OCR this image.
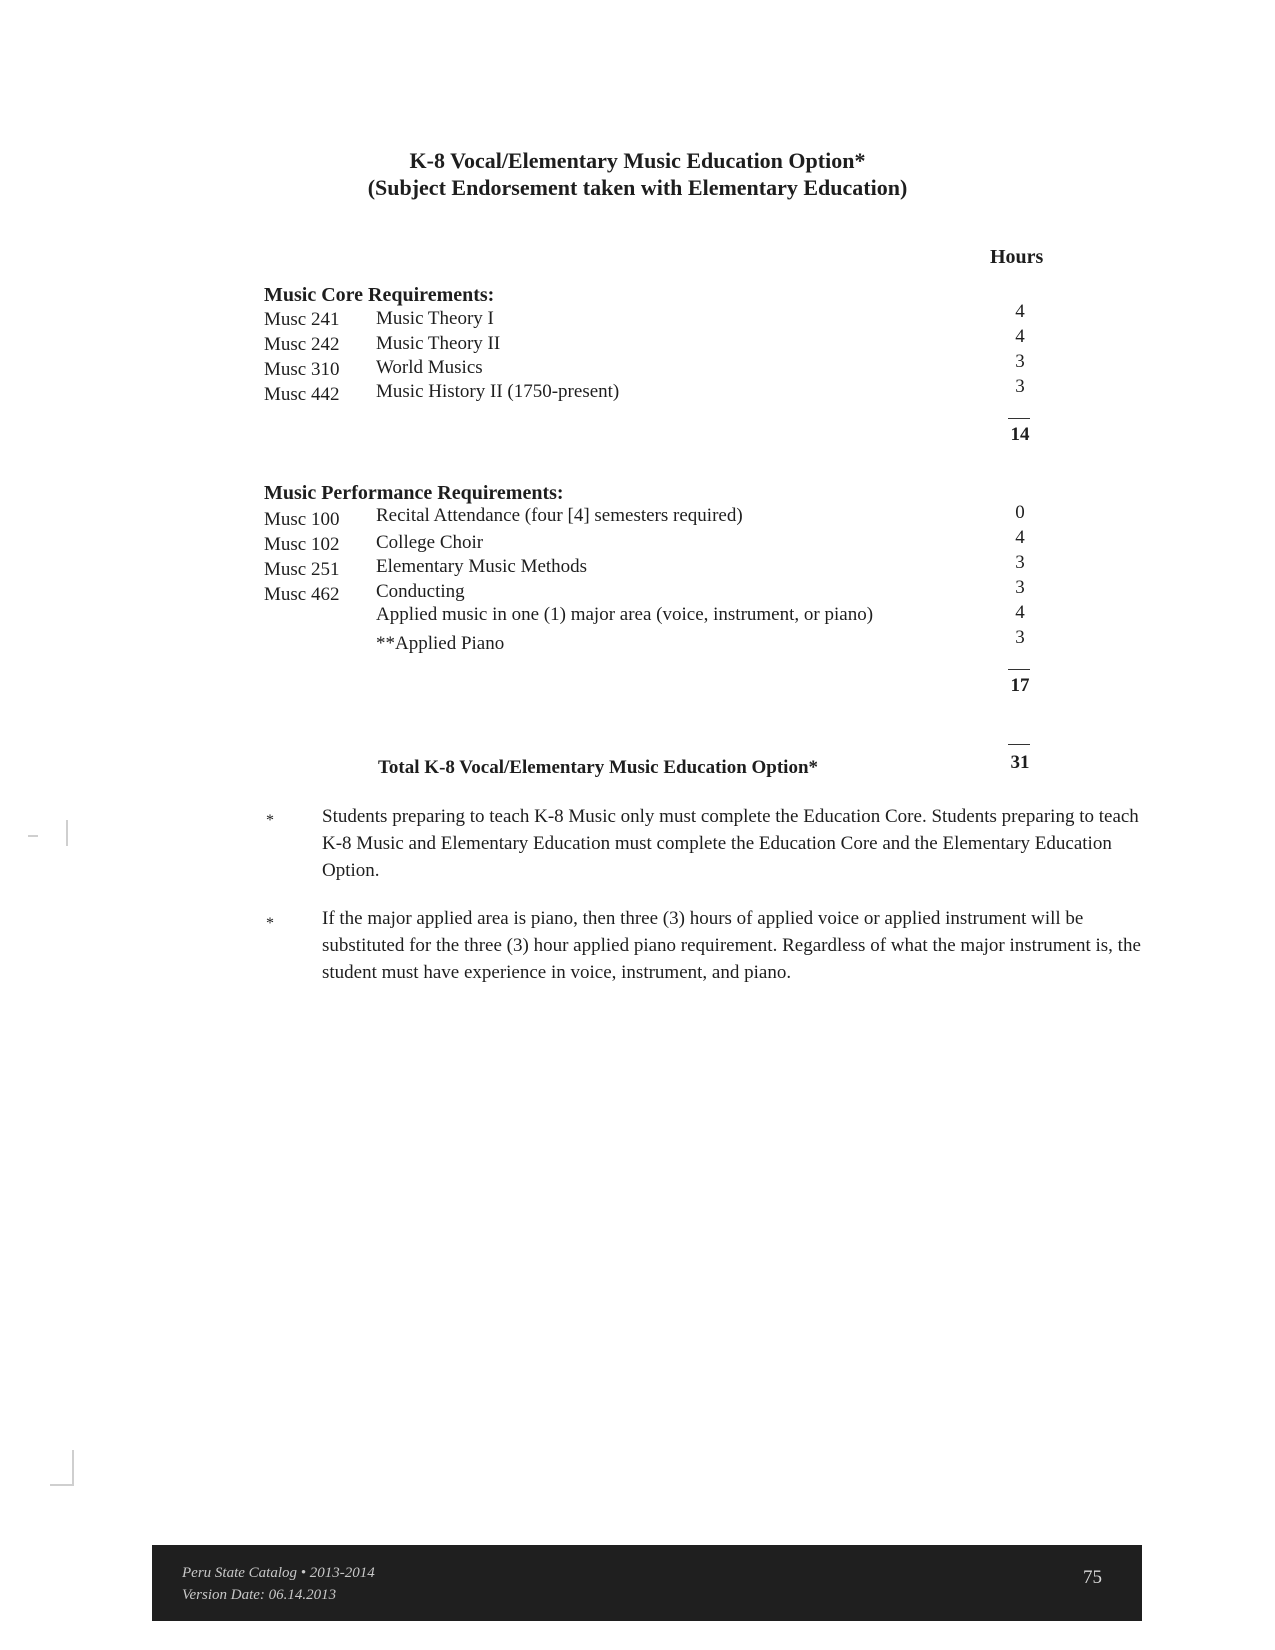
K-8 Vocal/Elementary Music Education Option*
(Subject Endorsement taken with Elementary Education)
Hours
Music Core Requirements:
Musc 241 Music Theory I	4
Musc 242 Music Theory II	4
Musc 310 World Musics	3
Musc 442 Music History II (1750-present)	3
14
Music Performance Requirements:
Musc 100 Recital Attendance (four [4] semesters required)	0
Musc 102 College Choir	4
Musc 251 Elementary Music Methods	3
Musc 462 Conducting	3
Applied music in one (1) major area (voice, instrument, or piano)	4
**Applied Piano	3
17
Total K-8 Vocal/Elementary Music Education Option*	31
*	Students preparing to teach K-8 Music only must complete the Education Core. Students preparing to teach K-8 Music and Elementary Education must complete the Education Core and the Elementary Education Option.
*	If the major applied area is piano, then three (3) hours of applied voice or applied instrument will be substituted for the three (3) hour applied piano requirement. Regardless of what the major instrument is, the student must have experience in voice, instrument, and piano.
Peru State Catalog • 2013-2014
Version Date: 06.14.2013
75
